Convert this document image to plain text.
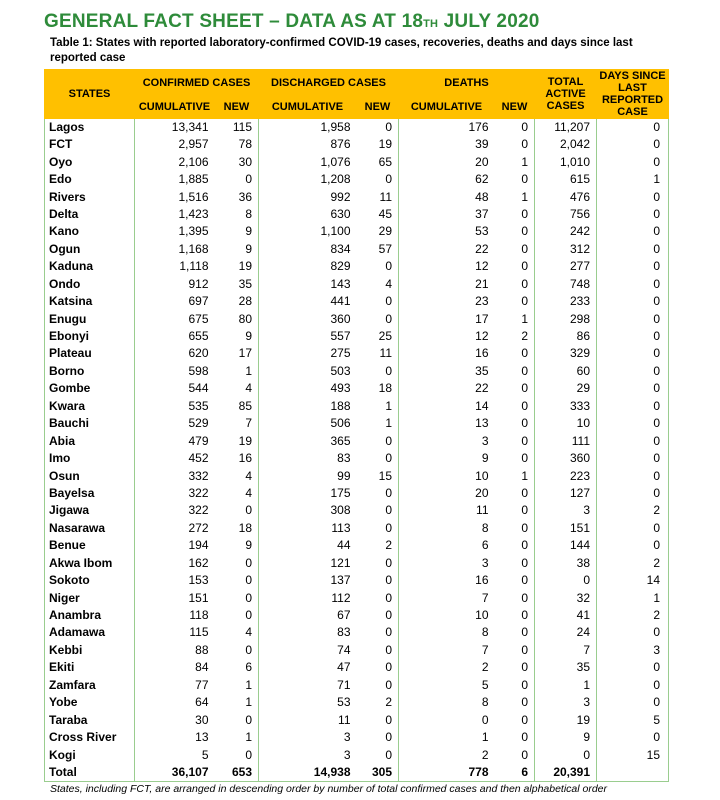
GENERAL FACT SHEET – DATA AS AT 18TH JULY 2020
Table 1: States with reported laboratory-confirmed COVID-19 cases, recoveries, deaths and days since last reported case
STATES	CONFIRMED CASES		DISCHARGED CASES		DEATHS		TOTAL ACTIVE CASES	DAYS SINCE LAST REPORTED CASE
	CUMULATIVE	NEW	CUMULATIVE	NEW	CUMULATIVE	NEW		
Lagos	13,341	115	1,958	0	176	0	11,207	0
FCT	2,957	78	876	19	39	0	2,042	0
Oyo	2,106	30	1,076	65	20	1	1,010	0
Edo	1,885	0	1,208	0	62	0	615	1
Rivers	1,516	36	992	11	48	1	476	0
Delta	1,423	8	630	45	37	0	756	0
Kano	1,395	9	1,100	29	53	0	242	0
Ogun	1,168	9	834	57	22	0	312	0
Kaduna	1,118	19	829	0	12	0	277	0
Ondo	912	35	143	4	21	0	748	0
Katsina	697	28	441	0	23	0	233	0
Enugu	675	80	360	0	17	1	298	0
Ebonyi	655	9	557	25	12	2	86	0
Plateau	620	17	275	11	16	0	329	0
Borno	598	1	503	0	35	0	60	0
Gombe	544	4	493	18	22	0	29	0
Kwara	535	85	188	1	14	0	333	0
Bauchi	529	7	506	1	13	0	10	0
Abia	479	19	365	0	3	0	111	0
Imo	452	16	83	0	9	0	360	0
Osun	332	4	99	15	10	1	223	0
Bayelsa	322	4	175	0	20	0	127	0
Jigawa	322	0	308	0	11	0	3	2
Nasarawa	272	18	113	0	8	0	151	0
Benue	194	9	44	2	6	0	144	0
Akwa Ibom	162	0	121	0	3	0	38	2
Sokoto	153	0	137	0	16	0	0	14
Niger	151	0	112	0	7	0	32	1
Anambra	118	0	67	0	10	0	41	2
Adamawa	115	4	83	0	8	0	24	0
Kebbi	88	0	74	0	7	0	7	3
Ekiti	84	6	47	0	2	0	35	0
Zamfara	77	1	71	0	5	0	1	0
Yobe	64	1	53	2	8	0	3	0
Taraba	30	0	11	0	0	0	19	5
Cross River	13	1	3	0	1	0	9	0
Kogi	5	0	3	0	2	0	0	15
Total	36,107	653	14,938	305	778	6	20,391	
States, including FCT, are arranged in descending order by number of total confirmed cases and then alphabetical order
